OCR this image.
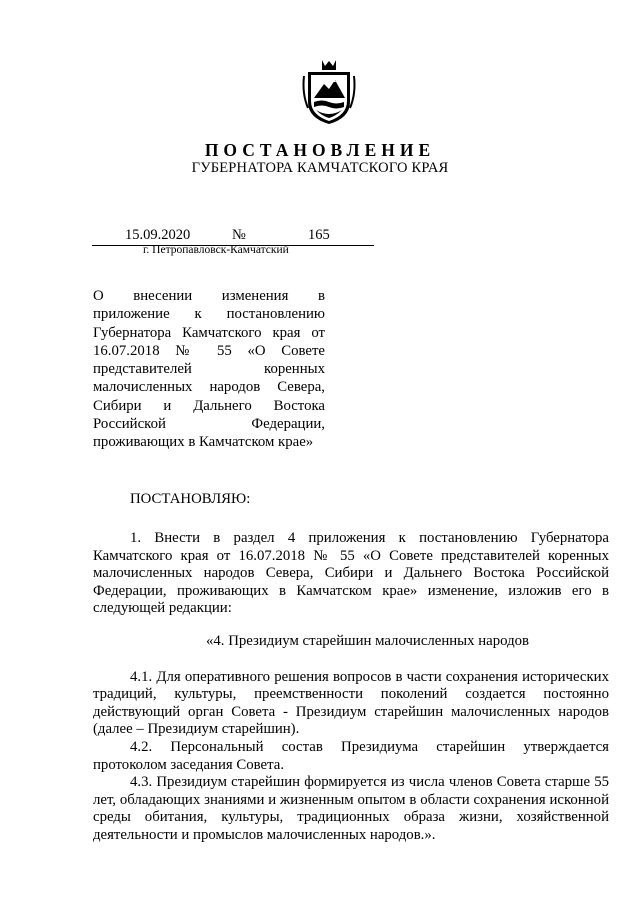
ПОСТАНОВЛЕНИЕ
ГУБЕРНАТОРА КАМЧАТСКОГО КРАЯ
15.09.2020	№	165
г. Петропавловск-Камчатский
О внесении изменения в приложение к постановлению Губернатора Камчатского края от 16.07.2018 № 55 «О Совете представителей коренных малочисленных народов Севера, Сибири и Дальнего Востока Российской Федерации, проживающих в Камчатском крае»
ПОСТАНОВЛЯЮ:

1. Внести в раздел 4 приложения к постановлению Губернатора Камчатского края от 16.07.2018 № 55 «О Совете представителей коренных малочисленных народов Севера, Сибири и Дальнего Востока Российской Федерации, проживающих в Камчатском крае» изменение, изложив его в следующей редакции:

«4. Президиум старейшин малочисленных народов

4.1. Для оперативного решения вопросов в части сохранения исторических традиций, культуры, преемственности поколений создается постоянно действующий орган Совета - Президиум старейшин малочисленных народов (далее – Президиум старейшин).

4.2. Персональный состав Президиума старейшин утверждается протоколом заседания Совета.

4.3. Президиум старейшин формируется из числа членов Совета старше 55 лет, обладающих знаниями и жизненным опытом в области сохранения исконной среды обитания, культуры, традиционных образа жизни, хозяйственной деятельности и промыслов малочисленных народов.».
